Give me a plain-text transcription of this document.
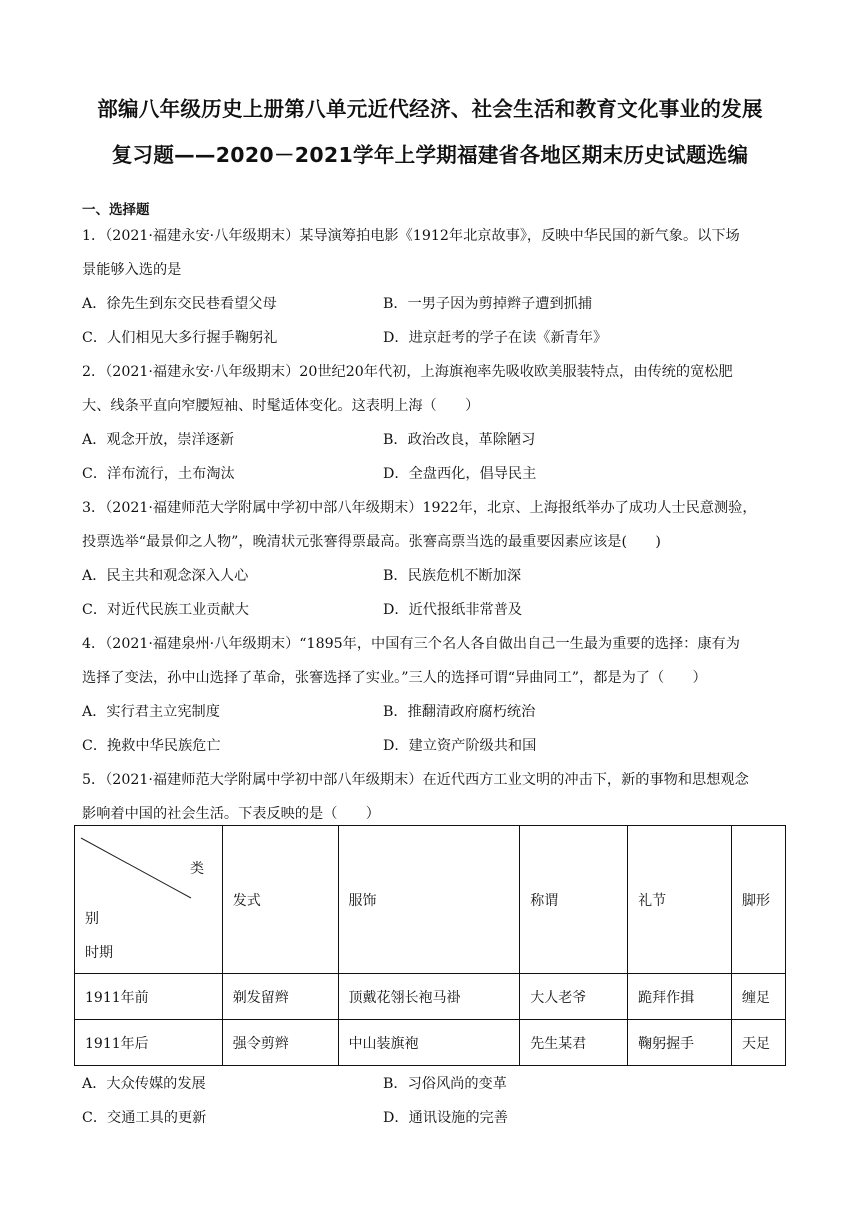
部编八年级历史上册第八单元近代经济、社会生活和教育文化事业的发展
复习题——2020－2021学年上学期福建省各地区期末历史试题选编
一、选择题
1．（2021·福建永安·八年级期末）某导演筹拍电影《1912年北京故事》，反映中华民国的新气象。以下场
景能够入选的是
A．徐先生到东交民巷看望父母	B．一男子因为剪掉辫子遭到抓捕
C．人们相见大多行握手鞠躬礼	D．进京赶考的学子在读《新青年》
2．（2021·福建永安·八年级期末）20世纪20年代初，上海旗袍率先吸收欧美服装特点，由传统的宽松肥
大、线条平直向窄腰短袖、时髦适体变化。这表明上海（　　）
A．观念开放，崇洋逐新	B．政治改良，革除陋习
C．洋布流行，土布淘汰	D．全盘西化，倡导民主
3．（2021·福建师范大学附属中学初中部八年级期末）1922年，北京、上海报纸举办了成功人士民意测验，
投票选举“最景仰之人物”，晚清状元张謇得票最高。张謇高票当选的最重要因素应该是(　　)
A．民主共和观念深入人心	B．民族危机不断加深
C．对近代民族工业贡献大	D．近代报纸非常普及
4．（2021·福建泉州·八年级期末）“1895年，中国有三个名人各自做出自己一生最为重要的选择：康有为
选择了变法，孙中山选择了革命，张謇选择了实业。”三人的选择可谓“异曲同工”，都是为了（　　）
A．实行君主立宪制度	B．推翻清政府腐朽统治
C．挽救中华民族危亡	D．建立资产阶级共和国
5．（2021·福建师范大学附属中学初中部八年级期末）在近代西方工业文明的冲击下，新的事物和思想观念
影响着中国的社会生活。下表反映的是（　　）
类
别
时期	发式	服饰	称谓	礼节	脚形
1911年前	剃发留辫	顶戴花翎长袍马褂	大人老爷	跪拜作揖	缠足
1911年后	强令剪辫	中山装旗袍	先生某君	鞠躬握手	天足
A．大众传媒的发展	B．习俗风尚的变革
C．交通工具的更新	D．通讯设施的完善
